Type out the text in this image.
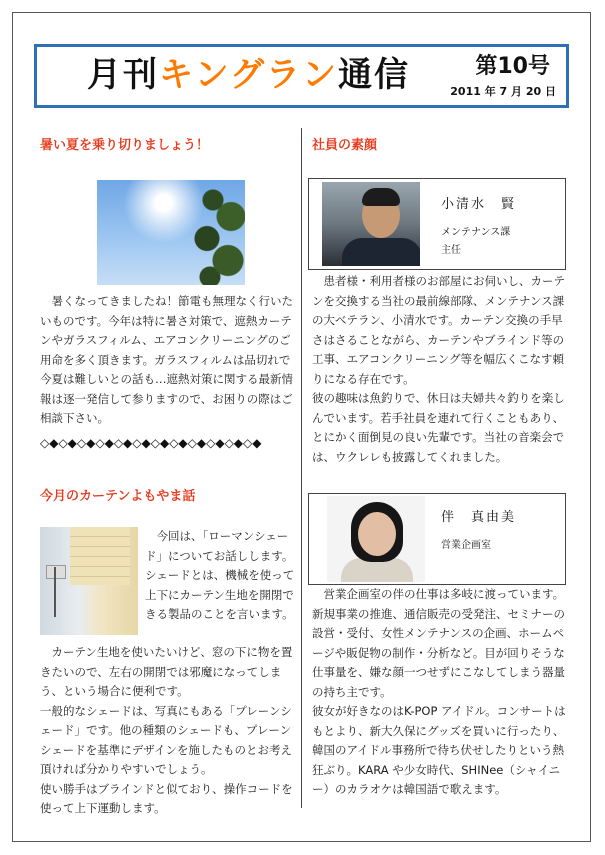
月刊キングラン通信	第10号
2011 年 7 月 20 日
暑い夏を乗り切りましょう！

暑くなってきましたね！節電も無理なく行いたいものです。今年は特に暑さ対策で、遮熱カーテンやガラスフィルム、エアコンクリーニングのご用命を多く頂きます。ガラスフィルムは品切れで今夏は難しいとの話も…遮熱対策に関する最新情報は逐一発信して参りますので、お困りの際はご相談下さい。

◇◆◇◆◇◆◇◆◇◆◇◆◇◆◇◆◇◆◇◆◇◆◇◆
今月のカーテンよもやま話

今回は、「ローマンシェード」についてお話しします。シェードとは、機械を使って上下にカーテン生地を開閉できる製品のことを言います。

カーテン生地を使いたいけど、窓の下に物を置きたいので、左右の開閉では邪魔になってしまう、という場合に便利です。
一般的なシェードは、写真にもある「プレーンシェード」です。他の種類のシェードも、プレーンシェードを基準にデザインを施したものとお考え頂ければ分かりやすいでしょう。
使い勝手はブラインドと似ており、操作コードを使って上下運動します。

社員の素顔
小清水　賢
メンテナンス課
主任

患者様・利用者様のお部屋にお伺いし、カーテンを交換する当社の最前線部隊、メンテナンス課の大ベテラン、小清水です。カーテン交換の手早さはさることながら、カーテンやブラインド等の工事、エアコンクリーニング等を幅広くこなす頼りになる存在です。
彼の趣味は魚釣りで、休日は夫婦共々釣りを楽しんでいます。若手社員を連れて行くこともあり、とにかく面倒見の良い先輩です。当社の音楽会では、ウクレレも披露してくれました。

伴　真由美
営業企画室

営業企画室の伴の仕事は多岐に渡っています。新規事業の推進、通信販売の受発注、セミナーの設営・受付、女性メンテナンスの企画、ホームページや販促物の制作・分析など。目が回りそうな仕事量を、嫌な顔一つせずにこなしてしまう器量の持ち主です。
彼女が好きなのはK-POP アイドル。コンサートはもとより、新大久保にグッズを買いに行ったり、韓国のアイドル事務所で待ち伏せしたりという熱狂ぶり。KARA や少女時代、SHINee（シャイニー）のカラオケは韓国語で歌えます。
